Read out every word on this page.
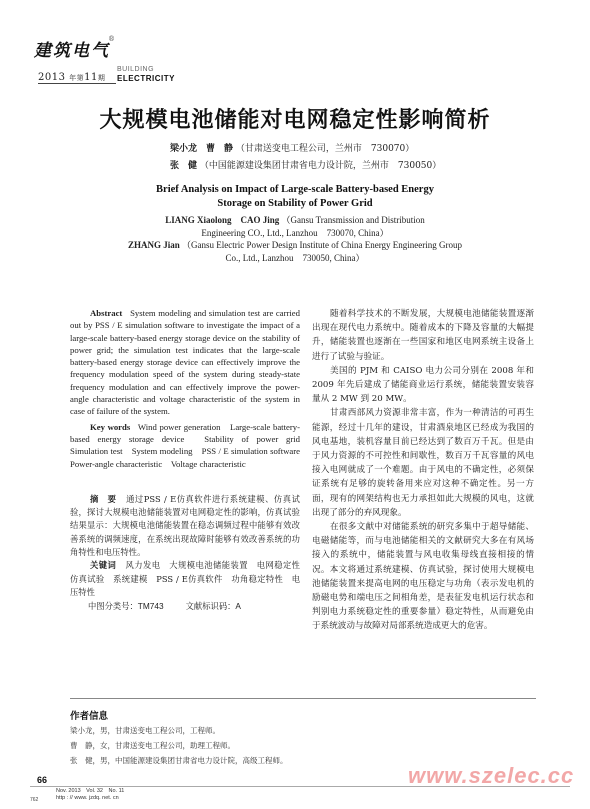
建筑电气
®
2013 年第11期
BUILDING
ELECTRICITY
大规模电池储能对电网稳定性影响简析
梁小龙　曹　静 （甘肃送变电工程公司，兰州市　730070）
张　健 （中国能源建设集团甘肃省电力设计院，兰州市　730050）
Brief Analysis on Impact of Large-scale Battery-based Energy
Storage on Stability of Power Grid
LIANG Xiaolong　CAO Jing （Gansu Transmission and Distribution
Engineering CO., Ltd., Lanzhou　730070, China）
ZHANG Jian （Gansu Electric Power Design Institute of China Energy Engineering Group
Co., Ltd., Lanzhou　730050, China）

Abstract System modeling and simulation test are carried out by PSS / E simulation software to investigate the impact of a large-scale battery-based energy storage device on the stability of power grid; the simulation test indicates that the large-scale battery-based energy storage device can effectively improve the frequency modulation speed of the system during steady-state frequency modulation and can effectively improve the power-angle characteristic and voltage characteristic of the system in case of failure of the system.

Key words Wind power generation　Large-scale battery-based energy storage device　Stability of power grid　Simulation test　System modeling　PSS / E simulation software　Power-angle characteristic　Voltage characteristic

摘　要 通过PSS / E仿真软件进行系统建模、仿真试验，探讨大规模电池储能装置对电网稳定性的影响，仿真试验结果显示：大规模电池储能装置在稳态调频过程中能够有效改善系统的调频速度，在系统出现故障时能够有效改善系统的功角特性和电压特性。

关键词 风力发电　大规模电池储能装置　电网稳定性　仿真试验　系统建模　PSS / E仿真软件　功角稳定特性　电压特性

中图分类号：TM743	文献标识码：A

随着科学技术的不断发展，大规模电池储能装置逐渐出现在现代电力系统中。随着成本的下降及容量的大幅提升，储能装置也逐渐在一些国家和地区电网系统主设备上进行了试验与验证。

美国的 PJM 和 CAISO 电力公司分别在 2008 年和 2009 年先后建成了储能商业运行系统，储能装置安装容量从 2 MW 到 20 MW。

甘肃西部风力资源非常丰富，作为一种清洁的可再生能源，经过十几年的建设，甘肃酒泉地区已经成为我国的风电基地，装机容量目前已经达到了数百万千瓦。但是由于风力资源的不可控性和间歇性，数百万千瓦容量的风电接入电网就成了一个难题。由于风电的不确定性，必须保证系统有足够的旋转备用来应对这种不确定性。另一方面，现有的网架结构也无力承担如此大规模的风电，这就出现了部分的弃风现象。

在很多文献中对储能系统的研究多集中于超导储能、电磁储能等，而与电池储能相关的文献研究大多在有风场接入的系统中，储能装置与风电收集母线直接相接的情况。本文将通过系统建模、仿真试验，探讨使用大规模电池储能装置来提高电网的电压稳定与功角（表示发电机的励磁电势和端电压之间相角差，是表征发电机运行状态和判别电力系统稳定性的重要参量）稳定特性，从而避免由于系统波动与故障对局部系统造成更大的危害。

作者信息
梁小龙，男，甘肃送变电工程公司，工程师。
曹　静，女，甘肃送变电工程公司，助理工程师。
张　健，男，中国能源建设集团甘肃省电力设计院，高级工程师。
66
Nov. 2013　Vol. 32　No. 11
http : // www. jzdq. net. cn
762
www.szelec.cc
